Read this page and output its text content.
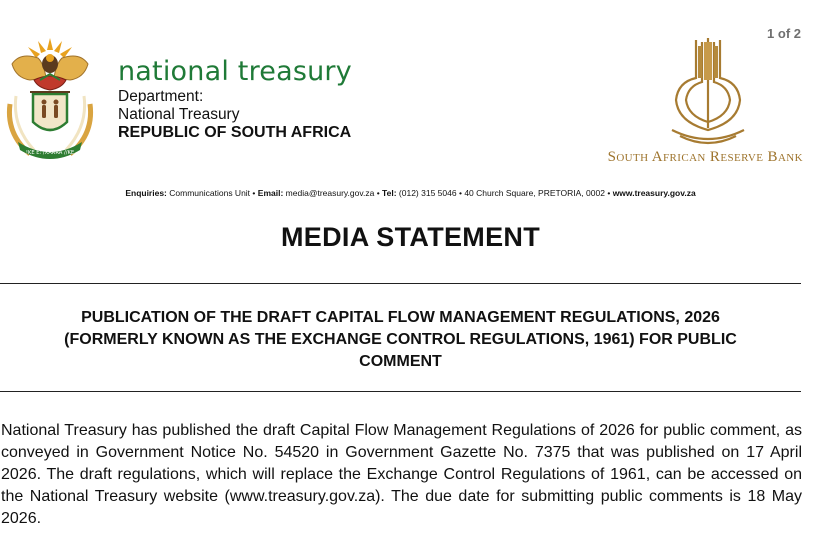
1 of 2
!KE E: /XARRA //KE
national treasury
Department:
National Treasury
REPUBLIC OF SOUTH AFRICA
South African Reserve Bank
Enquiries: Communications Unit • Email: media@treasury.gov.za • Tel: (012) 315 5046 • 40 Church Square, PRETORIA, 0002 • www.treasury.gov.za
MEDIA STATEMENT
PUBLICATION OF THE DRAFT CAPITAL FLOW MANAGEMENT REGULATIONS, 2026
(FORMERLY KNOWN AS THE EXCHANGE CONTROL REGULATIONS, 1961) FOR PUBLIC
COMMENT

National Treasury has published the draft Capital Flow Management Regulations of 2026 for public comment, as conveyed in Government Notice No. 54520 in Government Gazette No. 7375 that was published on 17 April 2026. The draft regulations, which will replace the Exchange Control Regulations of 1961, can be accessed on the National Treasury website (www.treasury.gov.za). The due date for submitting public comments is 18 May 2026.
